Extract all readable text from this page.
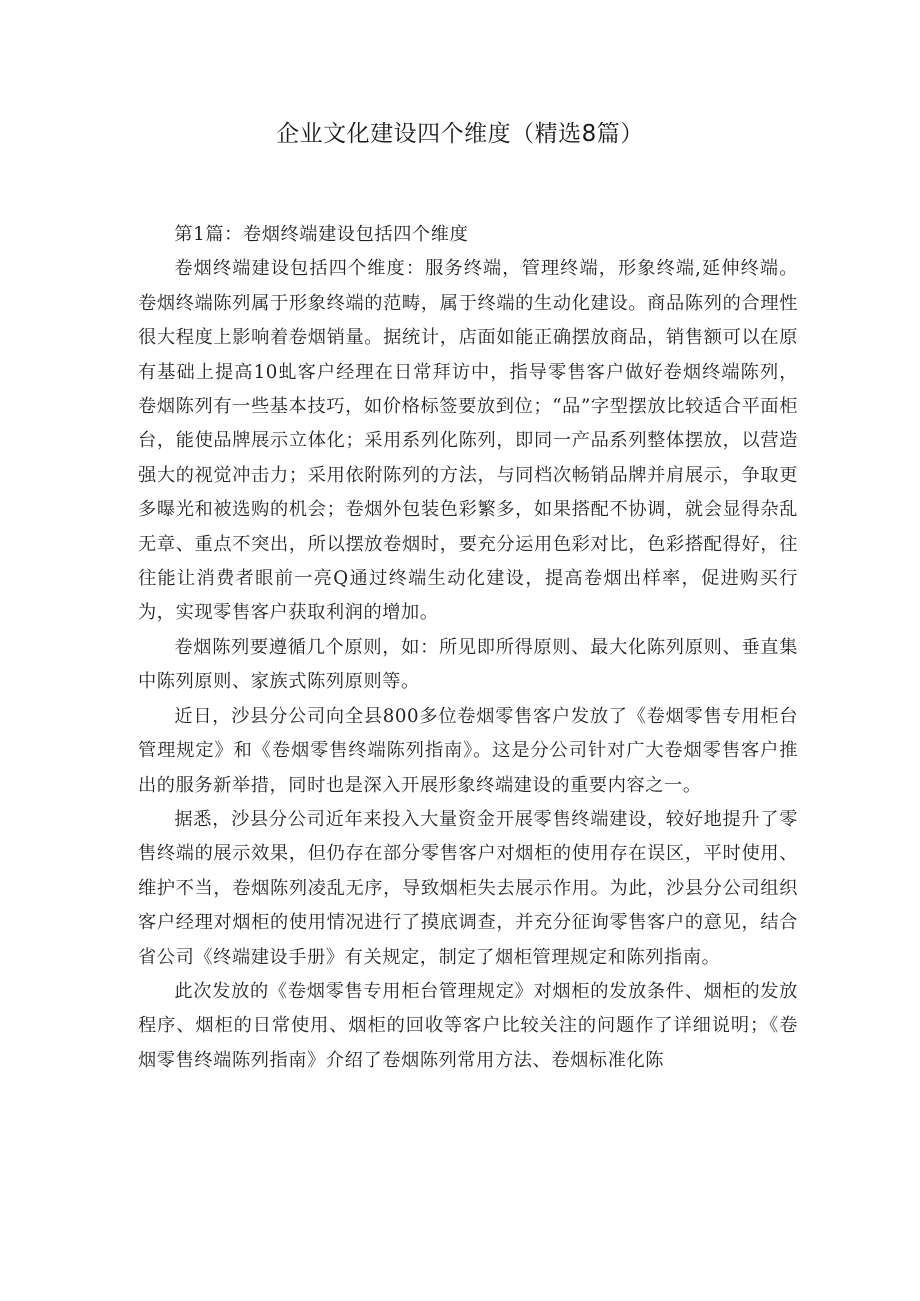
企业文化建设四个维度（精选8篇）

第1篇：卷烟终端建设包括四个维度

卷烟终端建设包括四个维度：服务终端，管理终端，形象终端,延伸终端。卷烟终端陈列属于形象终端的范畴，属于终端的生动化建设。商品陈列的合理性很大程度上影响着卷烟销量。据统计，店面如能正确摆放商品，销售额可以在原有基础上提高10虬客户经理在日常拜访中，指导零售客户做好卷烟终端陈列，卷烟陈列有一些基本技巧，如价格标签要放到位；“品”字型摆放比较适合平面柜台，能使品牌展示立体化；采用系列化陈列，即同一产品系列整体摆放，以营造强大的视觉冲击力；采用依附陈列的方法，与同档次畅销品牌并肩展示，争取更多曝光和被选购的机会；卷烟外包装色彩繁多，如果搭配不协调，就会显得杂乱无章、重点不突出，所以摆放卷烟时，要充分运用色彩对比，色彩搭配得好，往往能让消费者眼前一亮Q通过终端生动化建设，提高卷烟出样率，促进购买行为，实现零售客户获取利润的增加。

卷烟陈列要遵循几个原则，如：所见即所得原则、最大化陈列原则、垂直集中陈列原则、家族式陈列原则等。

近日，沙县分公司向全县800多位卷烟零售客户发放了《卷烟零售专用柜台管理规定》和《卷烟零售终端陈列指南》。这是分公司针对广大卷烟零售客户推出的服务新举措，同时也是深入开展形象终端建设的重要内容之一。

据悉，沙县分公司近年来投入大量资金开展零售终端建设，较好地提升了零售终端的展示效果，但仍存在部分零售客户对烟柜的使用存在误区，平时使用、维护不当，卷烟陈列凌乱无序，导致烟柜失去展示作用。为此，沙县分公司组织客户经理对烟柜的使用情况进行了摸底调查，并充分征询零售客户的意见，结合省公司《终端建设手册》有关规定，制定了烟柜管理规定和陈列指南。

此次发放的《卷烟零售专用柜台管理规定》对烟柜的发放条件、烟柜的发放程序、烟柜的日常使用、烟柜的回收等客户比较关注的问题作了详细说明；《卷烟零售终端陈列指南》介绍了卷烟陈列常用方法、卷烟标准化陈
